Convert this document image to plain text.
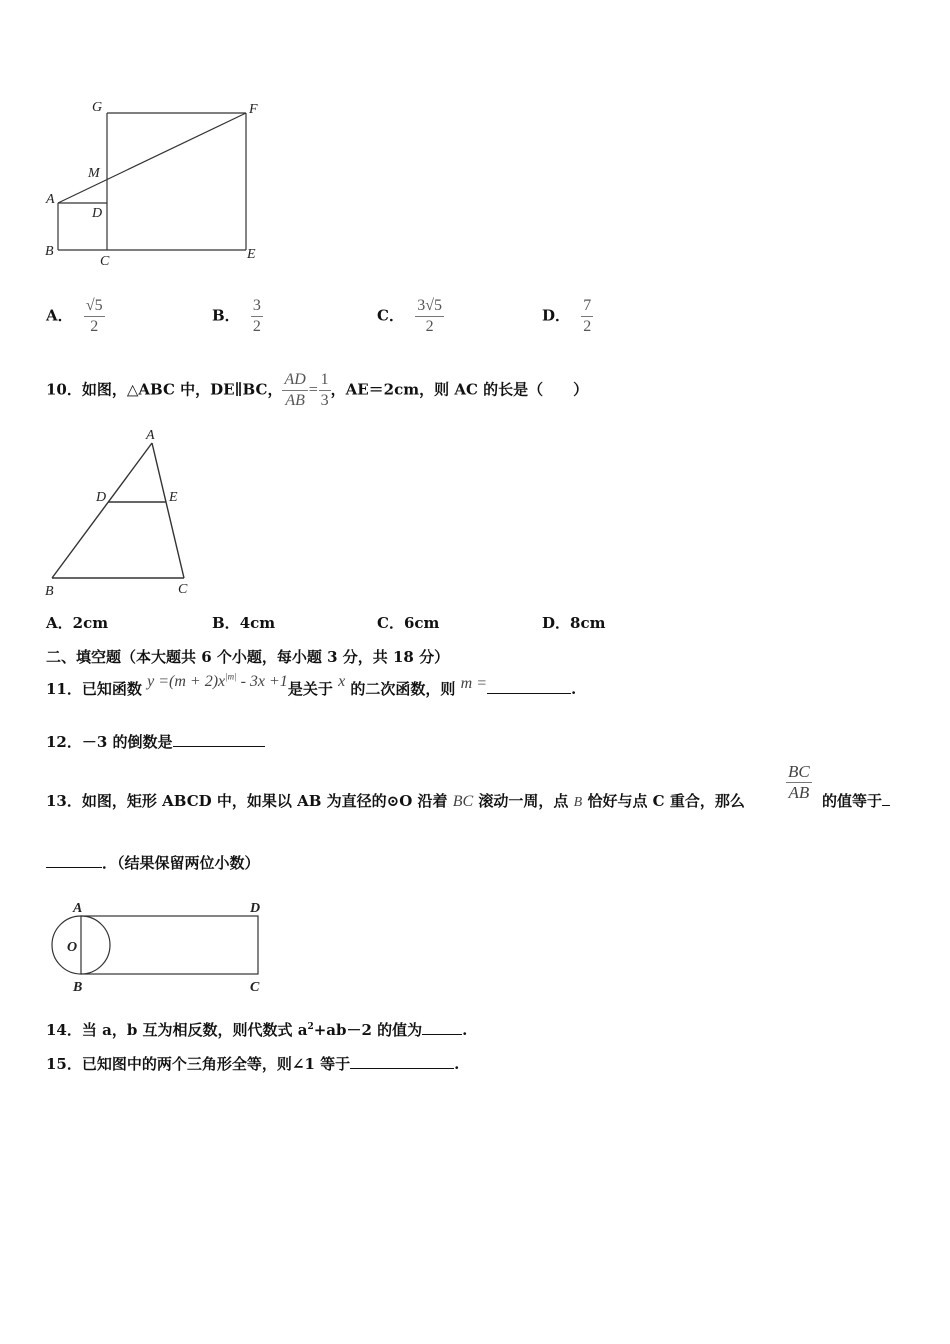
G	F
M
A
D
B
C	E
A． $\frac{√5}{2}$	B． $\frac{3}{2}$	C． $\frac{3√5}{2}$	D． $\frac{7}{2}$
10．如图，△ABC 中，DE∥BC， $\frac{AD}{AB} = \frac{1}{3}$ ，AE＝2cm，则 AC 的长是（　　）
A
D	E
B	C
A．2cm	B．4cm	C．6cm	D．8cm
二、填空题（本大题共 6 个小题，每小题 3 分，共 18 分）
11．已知函数 $y =(m + 2)x^{|m|} - 3x +1$是关于 x 的二次函数，则 m =	.
12．－3 的倒数是
$\frac{BC}{AB}$
13．如图，矩形 ABCD 中，如果以 AB 为直径的⊙O 沿着 BC 滚动一周，点 B 恰好与点 C 重合，那么	的值等于
．（结果保留两位小数）
A	D
O
B	C
14．当 a，b 互为相反数，则代数式 $a^2+ab-2$ 的值为	.
15．已知图中的两个三角形全等，则∠1 等于	.
